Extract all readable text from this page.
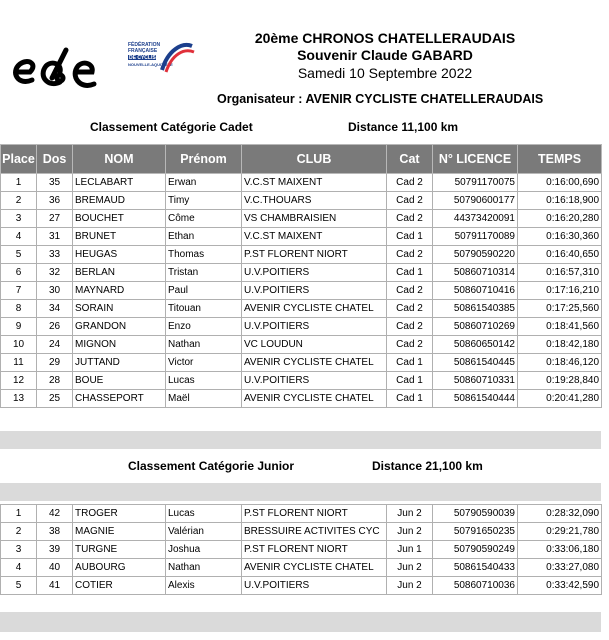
FÉDÉRATION
FRANÇAISE
DE CYCLISME
NOUVELLE-AQUITAINE
20ème CHRONOS CHATELLERAUDAIS
Souvenir Claude GABARD
Samedi 10 Septembre 2022
Organisateur : AVENIR CYCLISTE CHATELLERAUDAIS
Classement Catégorie Cadet	Distance 11,100 km
Place	Dos	NOM	Prénom	CLUB	Cat	N° LICENCE	TEMPS
1	35	LECLABART	Erwan	V.C.ST MAIXENT	Cad 2	50791170075	0:16:00,690
2	36	BREMAUD	Timy	V.C.THOUARS	Cad 2	50790600177	0:16:18,900
3	27	BOUCHET	Côme	VS CHAMBRAISIEN	Cad 2	44373420091	0:16:20,280
4	31	BRUNET	Ethan	V.C.ST MAIXENT	Cad 1	50791170089	0:16:30,360
5	33	HEUGAS	Thomas	P.ST FLORENT NIORT	Cad 2	50790590220	0:16:40,650
6	32	BERLAN	Tristan	U.V.POITIERS	Cad 1	50860710314	0:16:57,310
7	30	MAYNARD	Paul	U.V.POITIERS	Cad 2	50860710416	0:17:16,210
8	34	SORAIN	Titouan	AVENIR CYCLISTE CHATEL	Cad 2	50861540385	0:17:25,560
9	26	GRANDON	Enzo	U.V.POITIERS	Cad 2	50860710269	0:18:41,560
10	24	MIGNON	Nathan	VC LOUDUN	Cad 2	50860650142	0:18:42,180
11	29	JUTTAND	Victor	AVENIR CYCLISTE CHATEL	Cad 1	50861540445	0:18:46,120
12	28	BOUE	Lucas	U.V.POITIERS	Cad 1	50860710331	0:19:28,840
13	25	CHASSEPORT	Maël	AVENIR CYCLISTE CHATEL	Cad 1	50861540444	0:20:41,280
Classement Catégorie Junior	Distance 21,100 km
1	42	TROGER	Lucas	P.ST FLORENT NIORT	Jun 2	50790590039	0:28:32,090
2	38	MAGNIE	Valérian	BRESSUIRE ACTIVITES CYC	Jun 2	50791650235	0:29:21,780
3	39	TURGNE	Joshua	P.ST FLORENT NIORT	Jun 1	50790590249	0:33:06,180
4	40	AUBOURG	Nathan	AVENIR CYCLISTE CHATEL	Jun 2	50861540433	0:33:27,080
5	41	COTIER	Alexis	U.V.POITIERS	Jun 2	50860710036	0:33:42,590
